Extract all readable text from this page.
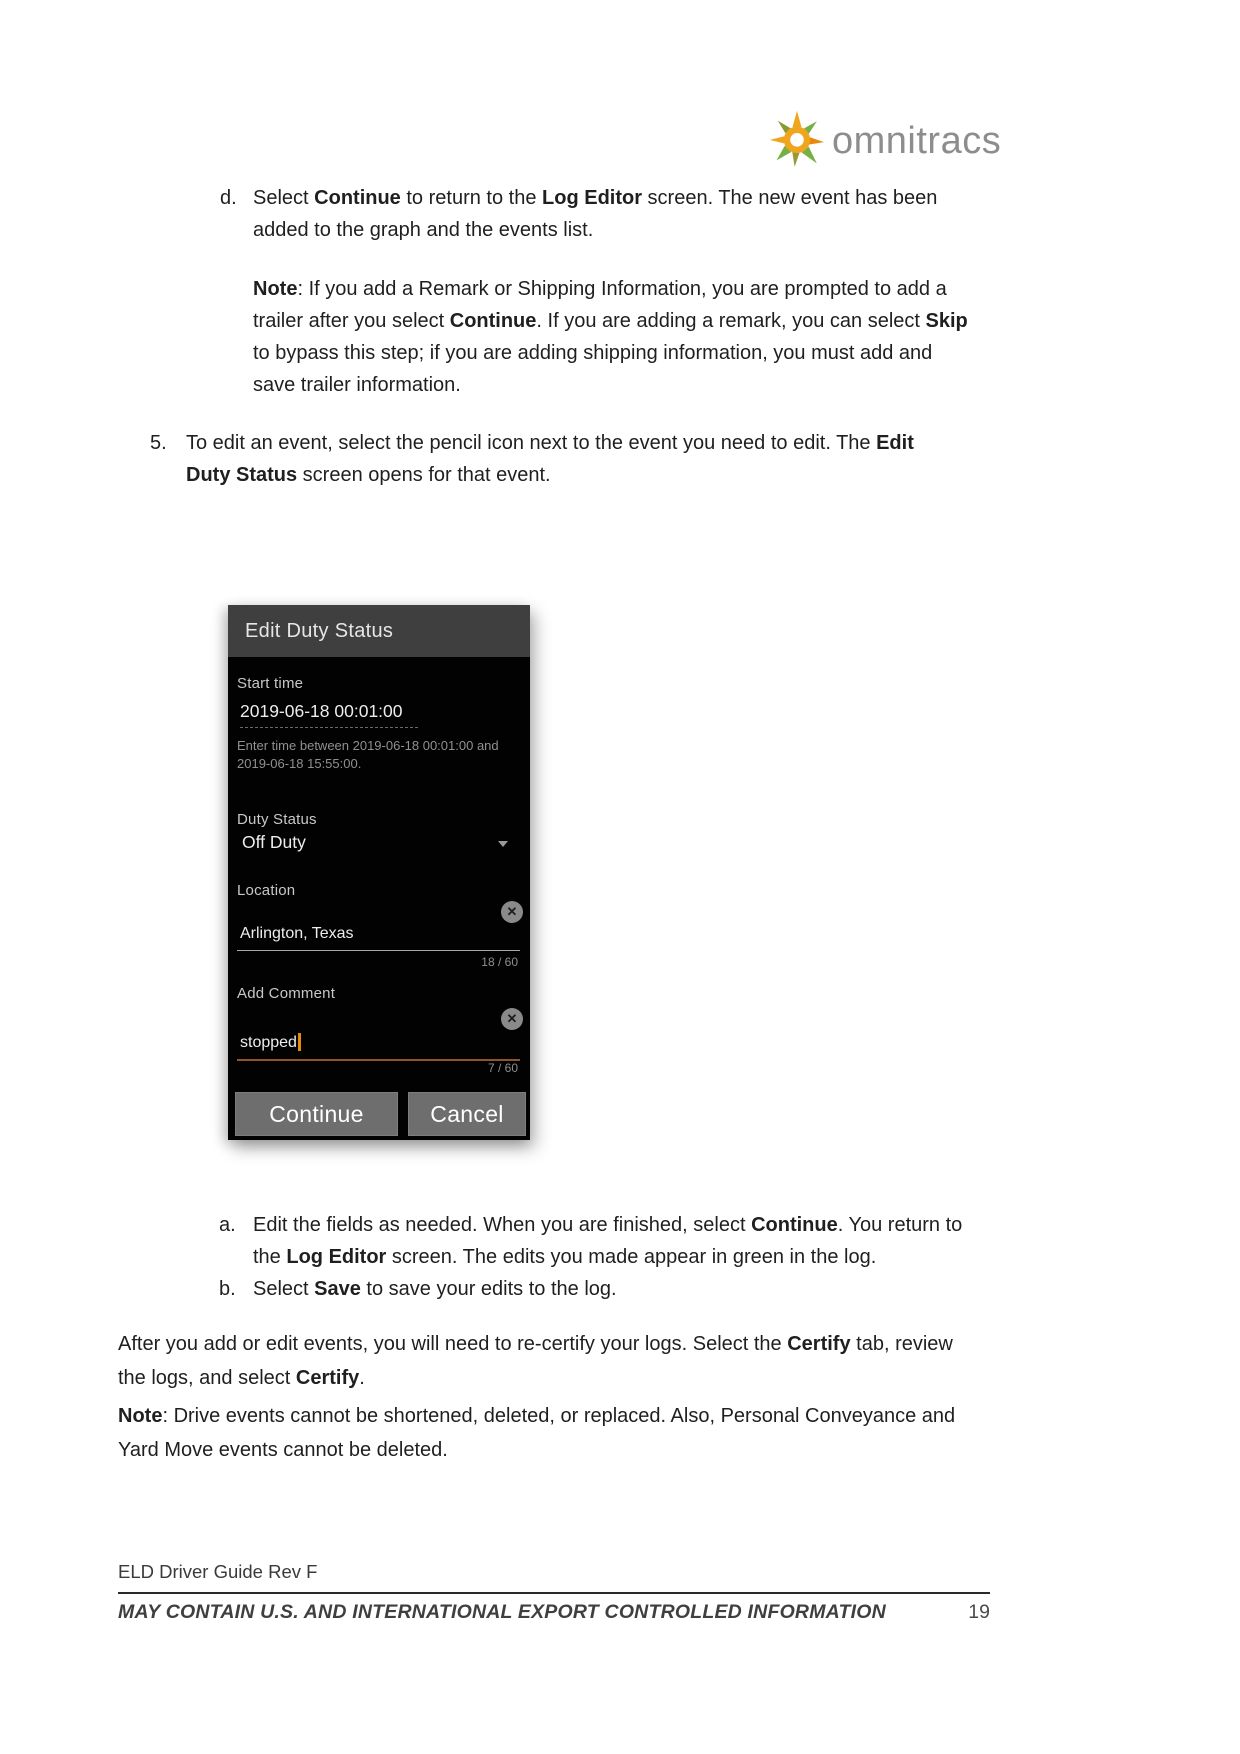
omnitracs
d. Select Continue to return to the Log Editor screen. The new event has been
added to the graph and the events list.
Note: If you add a Remark or Shipping Information, you are prompted to add a
trailer after you select Continue. If you are adding a remark, you can select Skip
to bypass this step; if you are adding shipping information, you must add and
save trailer information.
5. To edit an event, select the pencil icon next to the event you need to edit. The Edit
Duty Status screen opens for that event.
Edit Duty Status
Start time
2019-06-18 00:01:00
Enter time between 2019-06-18 00:01:00 and
2019-06-18 15:55:00.
Duty Status
Off Duty
Location
✕
Arlington, Texas
18 / 60
Add Comment
✕
stopped
7 / 60
Continue	Cancel
a. Edit the fields as needed. When you are finished, select Continue. You return to
the Log Editor screen. The edits you made appear in green in the log.
b. Select Save to save your edits to the log.
After you add or edit events, you will need to re-certify your logs. Select the Certify tab, review
the logs, and select Certify.
Note: Drive events cannot be shortened, deleted, or replaced. Also, Personal Conveyance and
Yard Move events cannot be deleted.
ELD Driver Guide Rev F
MAY CONTAIN U.S. AND INTERNATIONAL EXPORT CONTROLLED INFORMATION	19
